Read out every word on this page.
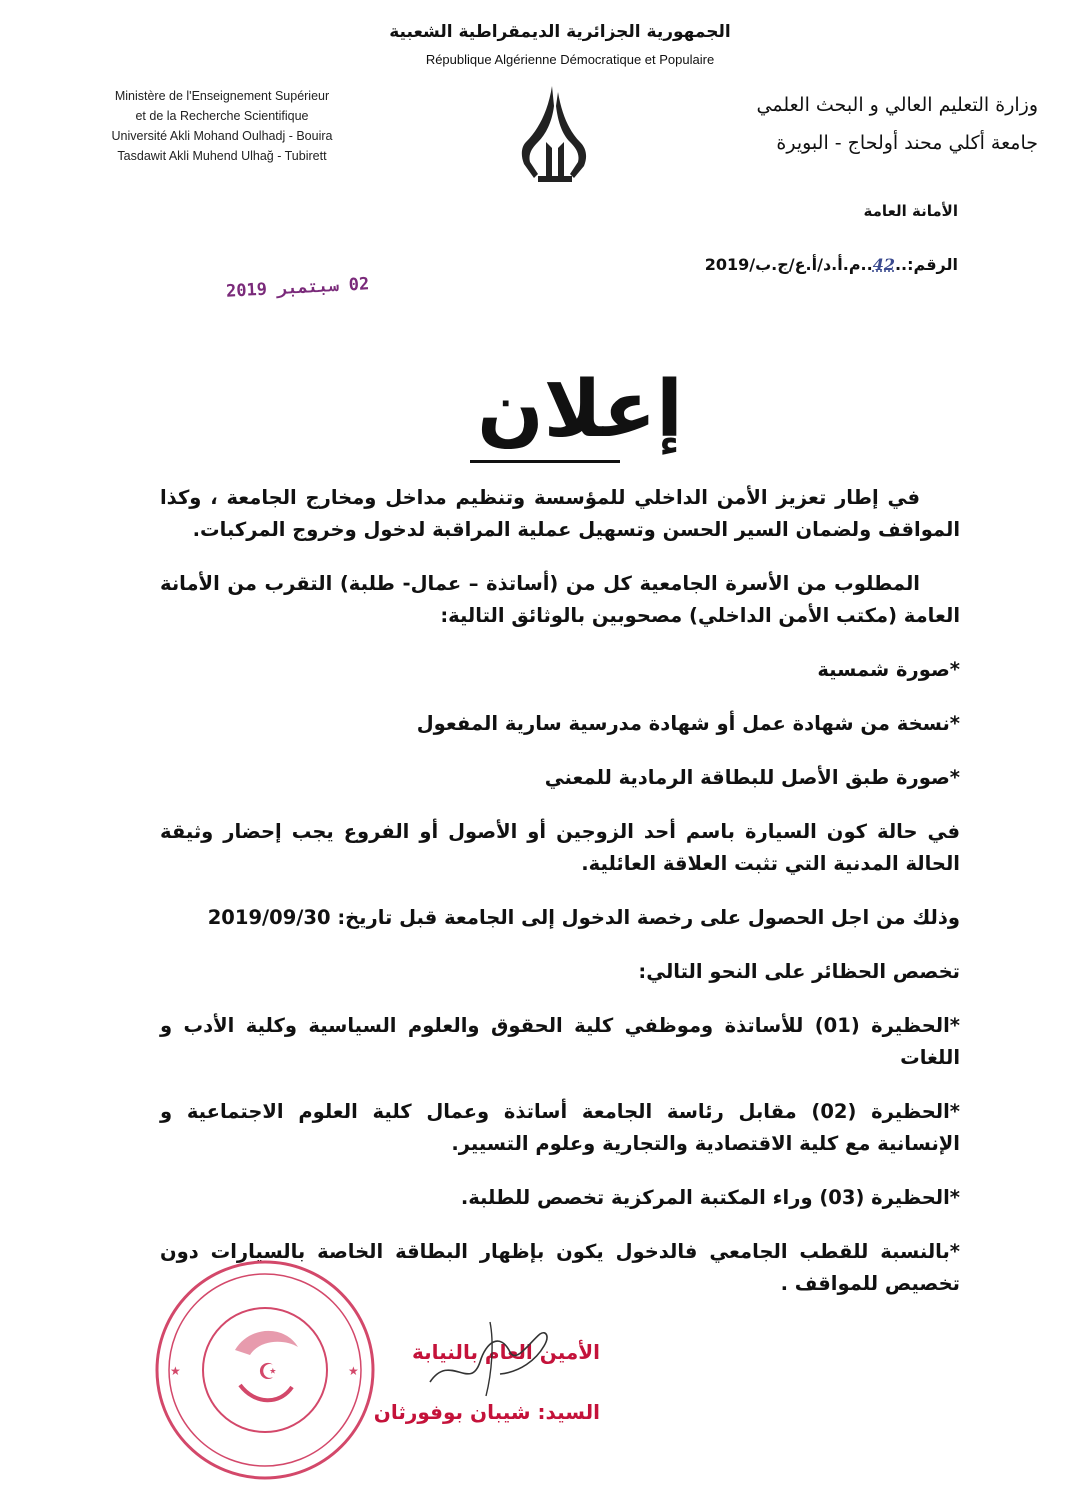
الجمهورية الجزائرية الديمقراطية الشعبية
République Algérienne Démocratique et Populaire
Ministère de l'Enseignement Supérieur
et de la Recherche Scientifique
Université Akli Mohand Oulhadj - Bouira
Tasdawit Akli Muhend Ulhağ - Tubirett
وزارة التعليم العالي و البحث العلمي
جامعة أكلي محند أولحاج - البويرة
الأمانة العامة
الرقم:..42..م.أ.د/أ.ع/ج.ب/2019
02 سبتمبر 2019
إعلان

في إطار تعزيز الأمن الداخلي للمؤسسة وتنظيم مداخل ومخارج الجامعة ، وكذا المواقف ولضمان السير الحسن وتسهيل عملية المراقبة لدخول وخروج المركبات.

المطلوب من الأسرة الجامعية كل من (أساتذة – عمال- طلبة) التقرب من الأمانة العامة (مكتب الأمن الداخلي) مصحوبين بالوثائق التالية:

*صورة شمسية

*نسخة من شهادة عمل أو شهادة مدرسية سارية المفعول

*صورة طبق الأصل للبطاقة الرمادية للمعني

في حالة كون السيارة باسم أحد الزوجين أو الأصول أو الفروع يجب إحضار وثيقة الحالة المدنية التي تثبت العلاقة العائلية.

وذلك من اجل الحصول على رخصة الدخول إلى الجامعة قبل تاريخ: 2019/09/30

تخصص الحظائر على النحو التالي:

*الحظيرة (01) للأساتذة وموظفي كلية الحقوق والعلوم السياسية وكلية الأدب و اللغات

*الحظيرة (02) مقابل رئاسة الجامعة أساتذة وعمال كلية العلوم الاجتماعية و الإنسانية مع كلية الاقتصادية والتجارية وعلوم التسيير.

*الحظيرة (03) وراء المكتبة المركزية تخصص للطلبة.

*بالنسبة للقطب الجامعي فالدخول يكون بإظهار البطاقة الخاصة بالسيارات دون تخصيص للمواقف .

☪
★	★
الأمين العام بالنيابة
السيد: شيبان بوفورثان
